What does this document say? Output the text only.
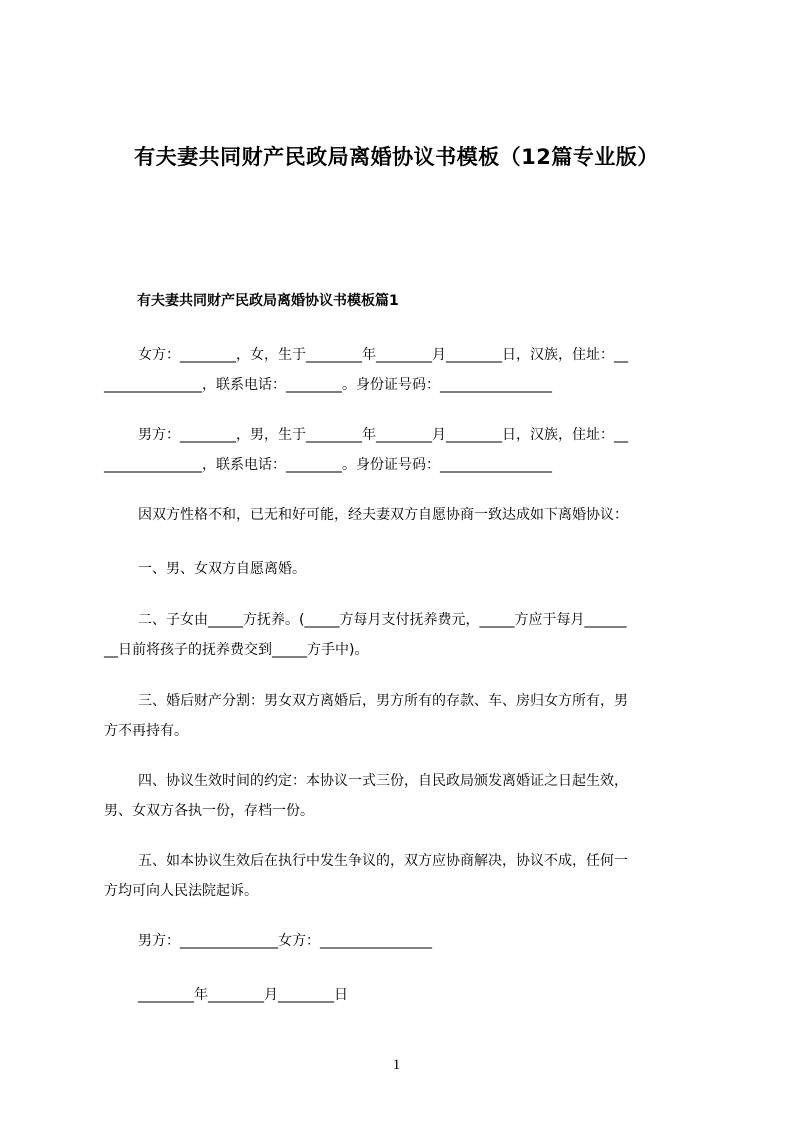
有夫妻共同财产民政局离婚协议书模板（12篇专业版）
有夫妻共同财产民政局离婚协议书模板篇1
女方：________，女，生于________年________月________日，汉族，住址：__
______________，联系电话：________。身份证号码：________________
男方：________，男，生于________年________月________日，汉族，住址：__
______________，联系电话：________。身份证号码：________________
因双方性格不和，已无和好可能，经夫妻双方自愿协商一致达成如下离婚协议：
一、男、女双方自愿离婚。
二、子女由_____方抚养。(_____方每月支付抚养费元，_____方应于每月______
__日前将孩子的抚养费交到_____方手中)。
三、婚后财产分割：男女双方离婚后，男方所有的存款、车、房归女方所有，男
方不再持有。
四、协议生效时间的约定：本协议一式三份，自民政局颁发离婚证之日起生效，
男、女双方各执一份，存档一份。
五、如本协议生效后在执行中发生争议的，双方应协商解决，协议不成，任何一
方均可向人民法院起诉。
男方：______________女方：________________
________年________月________日
1
